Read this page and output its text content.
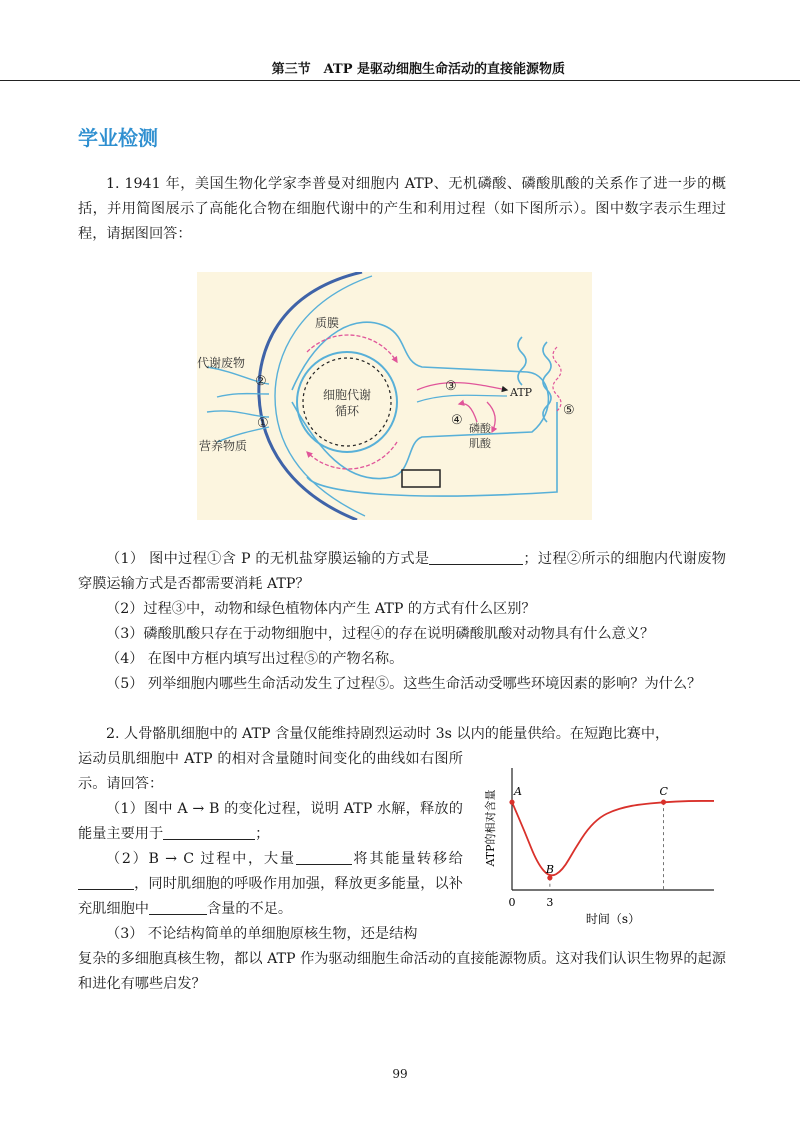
第三节　ATP 是驱动细胞生命活动的直接能源物质
学业检测
1. 1941 年，美国生物化学家李普曼对细胞内 ATP、无机磷酸、磷酸肌酸的关系作了进一步的概括，并用简图展示了高能化合物在细胞代谢中的产生和利用过程（如下图所示）。图中数字表示生理过程，请据图回答：
细胞代谢
循环
质膜
代谢废物
营养物质
②
①
③
④
⑤
ATP
磷酸
肌酸
（1） 图中过程①含 P 的无机盐穿膜运输的方式是	；过程②所示的细胞内代谢废物穿膜运输方式是否都需要消耗 ATP？
（2）过程③中，动物和绿色植物体内产生 ATP 的方式有什么区别？
（3）磷酸肌酸只存在于动物细胞中，过程④的存在说明磷酸肌酸对动物具有什么意义？
（4） 在图中方框内填写出过程⑤的产物名称。
（5） 列举细胞内哪些生命活动发生了过程⑤。这些生命活动受哪些环境因素的影响？为什么？
2. 人骨骼肌细胞中的 ATP 含量仅能维持剧烈运动时 3s 以内的能量供给。在短跑比赛中，
运动员肌细胞中 ATP 的相对含量随时间变化的曲线如右图所示。请回答：
（1）图中 A → B 的变化过程，说明 ATP 水解，释放的能量主要用于	；
（2）B → C 过程中，大量	将其能量转移给，同时肌细胞的呼吸作用加强，释放更多能量，以补充肌细胞中	含量的不足。
（3） 不论结构简单的单细胞原核生物，还是结构
复杂的多细胞真核生物，都以 ATP 作为驱动细胞生命活动的直接能源物质。这对我们认识生物界的起源和进化有哪些启发？
ATP的相对含量
时间（s）
A
B
C
0	3
99
